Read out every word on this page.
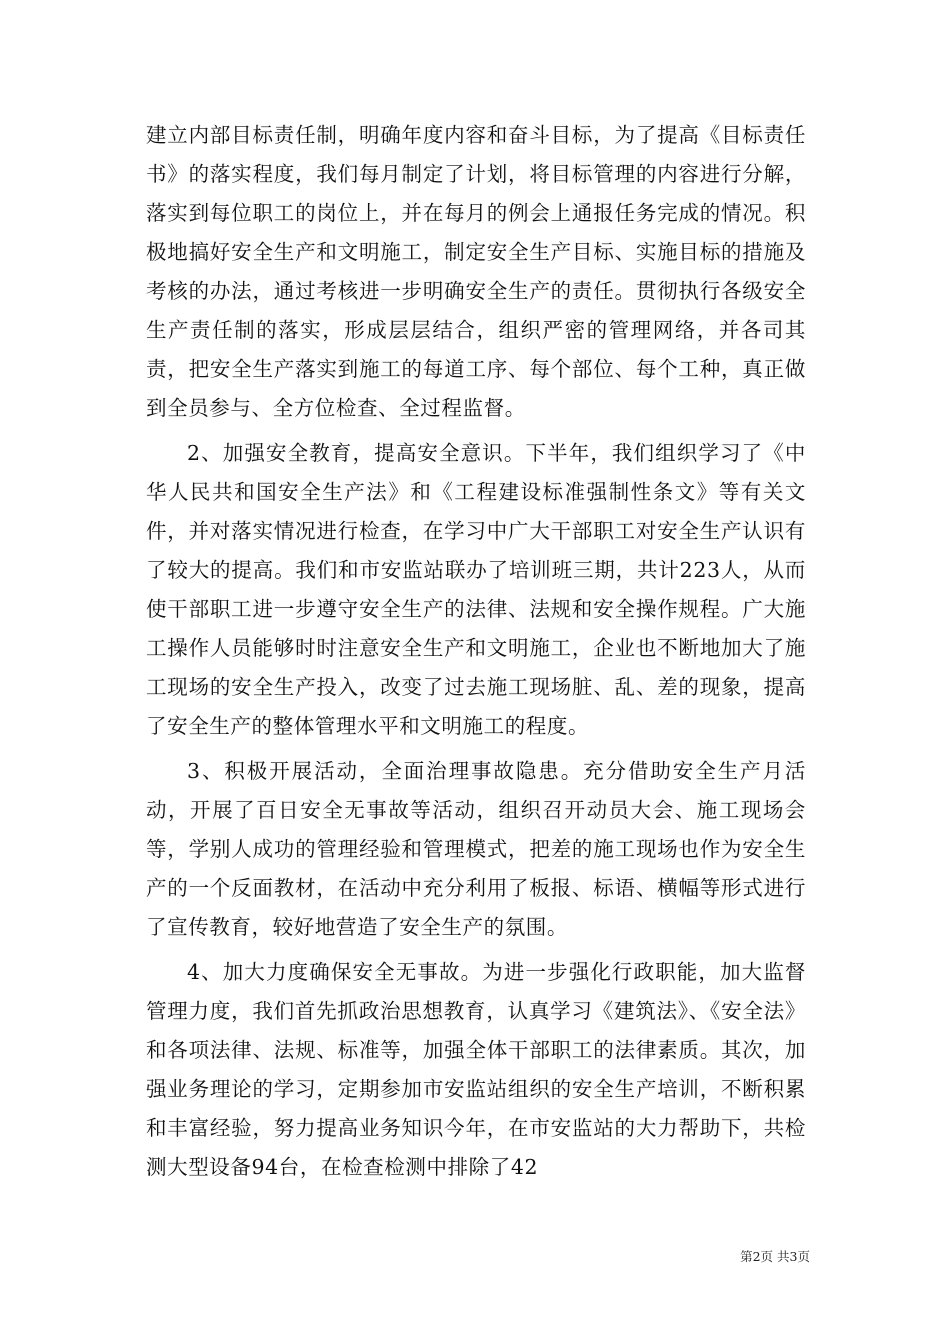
建立内部目标责任制，明确年度内容和奋斗目标，为了提高《目标责任书》的落实程度，我们每月制定了计划，将目标管理的内容进行分解，落实到每位职工的岗位上，并在每月的例会上通报任务完成的情况。积极地搞好安全生产和文明施工，制定安全生产目标、实施目标的措施及考核的办法，通过考核进一步明确安全生产的责任。贯彻执行各级安全生产责任制的落实，形成层层结合，组织严密的管理网络，并各司其责，把安全生产落实到施工的每道工序、每个部位、每个工种，真正做到全员参与、全方位检查、全过程监督。

2、加强安全教育，提高安全意识。下半年，我们组织学习了《中华人民共和国安全生产法》和《工程建设标准强制性条文》等有关文件，并对落实情况进行检查，在学习中广大干部职工对安全生产认识有了较大的提高。我们和市安监站联办了培训班三期，共计223人，从而使干部职工进一步遵守安全生产的法律、法规和安全操作规程。广大施工操作人员能够时时注意安全生产和文明施工，企业也不断地加大了施工现场的安全生产投入，改变了过去施工现场脏、乱、差的现象，提高了安全生产的整体管理水平和文明施工的程度。

3、积极开展活动，全面治理事故隐患。充分借助安全生产月活动，开展了百日安全无事故等活动，组织召开动员大会、施工现场会等，学别人成功的管理经验和管理模式，把差的施工现场也作为安全生产的一个反面教材，在活动中充分利用了板报、标语、横幅等形式进行了宣传教育，较好地营造了安全生产的氛围。

4、加大力度确保安全无事故。为进一步强化行政职能，加大监督管理力度，我们首先抓政治思想教育，认真学习《建筑法》、《安全法》和各项法律、法规、标准等，加强全体干部职工的法律素质。其次，加强业务理论的学习，定期参加市安监站组织的安全生产培训，不断积累和丰富经验，努力提高业务知识今年，在市安监站的大力帮助下，共检测大型设备94台，在检查检测中排除了42

第2页 共3页
